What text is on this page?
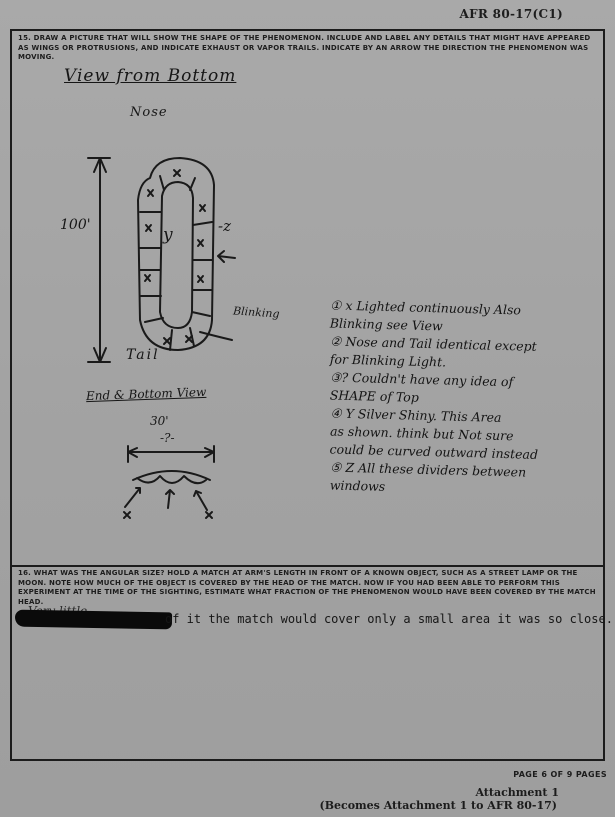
AFR 80-17(C1)
15. DRAW A PICTURE THAT WILL SHOW THE SHAPE OF THE PHENOMENON. INCLUDE AND LABEL ANY DETAILS THAT MIGHT HAVE APPEARED AS WINGS OR PROTRUSIONS, AND INDICATE EXHAUST OR VAPOR TRAILS. INDICATE BY AN ARROW THE DIRECTION THE PHENOMENON WAS MOVING.
16. WHAT WAS THE ANGULAR SIZE? HOLD A MATCH AT ARM'S LENGTH IN FRONT OF A KNOWN OBJECT, SUCH AS A STREET LAMP OR THE MOON. NOTE HOW MUCH OF THE OBJECT IS COVERED BY THE HEAD OF THE MATCH. NOW IF YOU HAD BEEN ABLE TO PERFORM THIS EXPERIMENT AT THE TIME OF THE SIGHTING, ESTIMATE WHAT FRACTION OF THE PHENOMENON WOULD HAVE BEEN COVERED BY THE MATCH HEAD.
View from Bottom
Nose
100'	y	-z
Blinking
Tail
End & Bottom View
30'
-?-
① x Lighted continuously Also
Blinking see View
② Nose and Tail identical except
for Blinking Light.
③? Couldn't have any idea of
SHAPE of Top
④ Y Silver Shiny. This Area
as shown. think but Not sure
could be curved outward instead
⑤ Z All these dividers between
windows
of it the match would cover only a small area it was so close.
PAGE 6 OF 9 PAGES
Attachment 1
(Becomes Attachment 1 to AFR 80-17)
